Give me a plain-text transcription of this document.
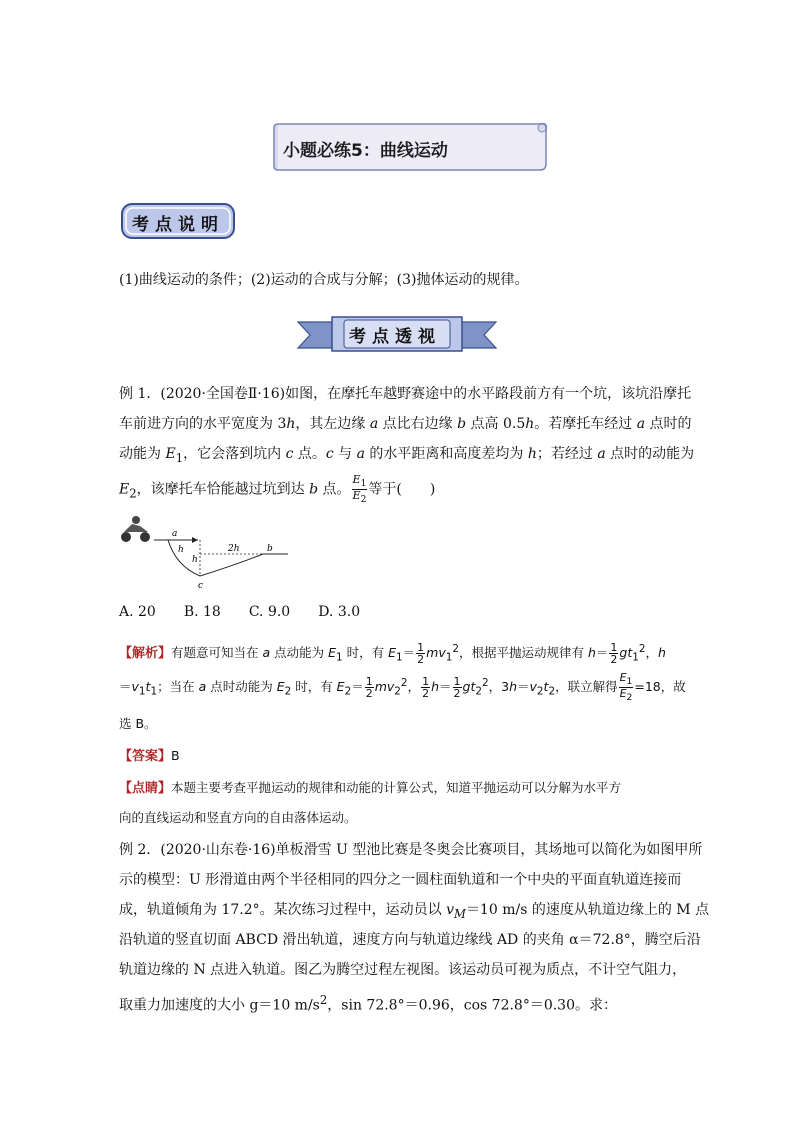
小题必练5：曲线运动
考点说明
(1)曲线运动的条件；(2)运动的合成与分解；(3)抛体运动的规律。
考点透视
例 1．(2020·全国卷Ⅱ·16)如图，在摩托车越野赛途中的水平路段前方有一个坑，该坑沿摩托
车前进方向的水平宽度为 3h，其左边缘 a 点比右边缘 b 点高 0.5h。若摩托车经过 a 点时的
动能为 $E_1$，它会落到坑内 c 点。c 与 a 的水平距离和高度差均为 h；若经过 a 点时的动能为
$E_2$，该摩托车恰能越过坑到达 b 点。 $\frac{E_1}{E_2}$ 等于(　　)
a
h
h
2h	b
c
A. 20　　B. 18　　C. 9.0　　D. 3.0
【解析】有题意可知当在 a 点动能为 $E_1$ 时，有 $E_1= \frac{1}{2} mv_1^2$，根据平抛运动规律有 $h= \frac{1}{2} gt_1^2$，h
$=v_1t_1$；当在 a 点时动能为 $E_2$ 时，有 $E_2= \frac{1}{2} mv_2^2$， $\frac{1}{2} h= \frac{1}{2} gt_2^2$，$3h=v_2t_2$，联立解得 $\frac{E_1}{E_2} =18$，故
选 B。
【答案】B
【点睛】本题主要考查平抛运动的规律和动能的计算公式，知道平抛运动可以分解为水平方
向的直线运动和竖直方向的自由落体运动。
例 2．(2020·山东卷·16)单板滑雪 U 型池比赛是冬奥会比赛项目，其场地可以简化为如图甲所
示的模型：U 形滑道由两个半径相同的四分之一圆柱面轨道和一个中央的平面直轨道连接而
成，轨道倾角为 17.2°。某次练习过程中，运动员以 $v_M=10$ m/s 的速度从轨道边缘上的 M 点
沿轨道的竖直切面 ABCD 滑出轨道，速度方向与轨道边缘线 AD 的夹角 α＝72.8°，腾空后沿
轨道边缘的 N 点进入轨道。图乙为腾空过程左视图。该运动员可视为质点，不计空气阻力，
取重力加速度的大小 g＝10 $m/s^2$，sin 72.8°＝0.96，cos 72.8°＝0.30。求：
